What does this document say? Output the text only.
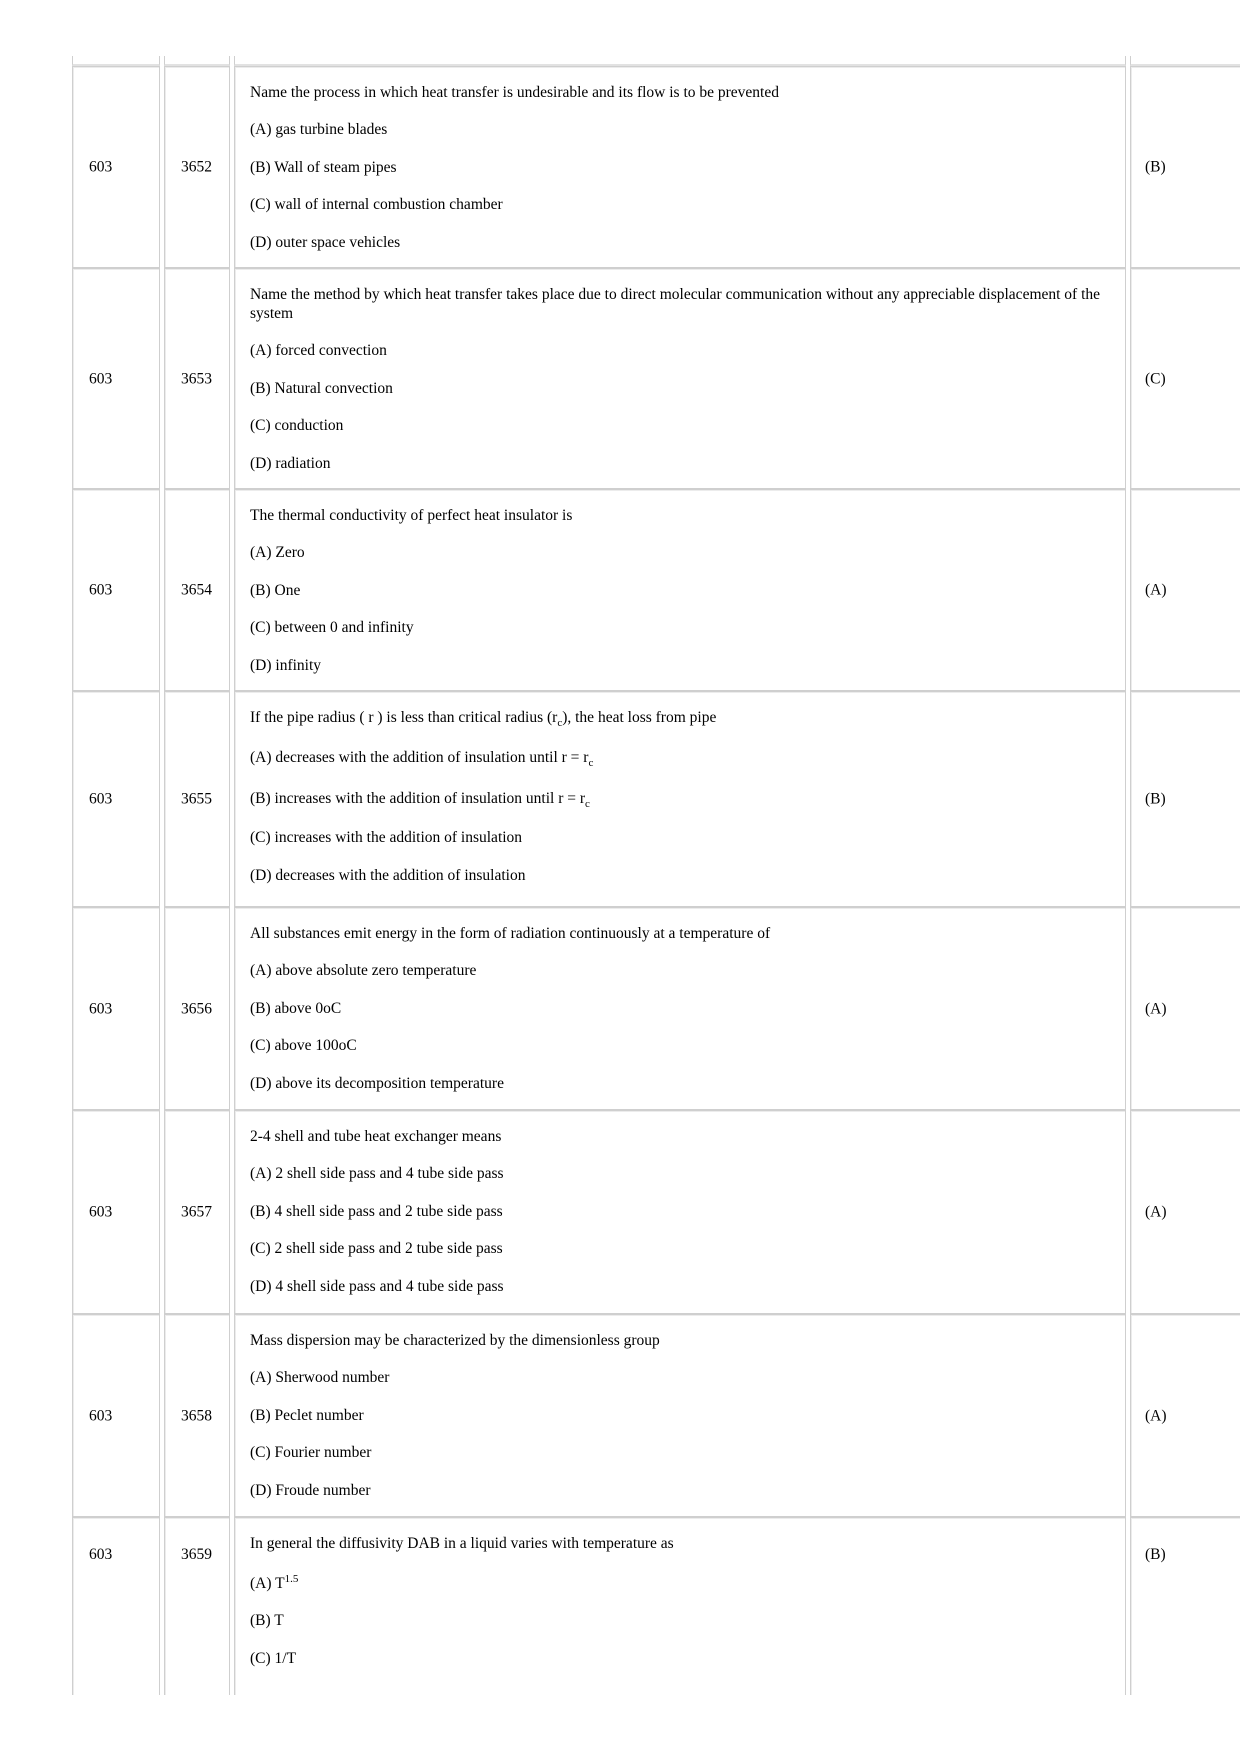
603	3652
Name the process in which heat transfer is undesirable and its flow is to be prevented
(A) gas turbine blades
(B) Wall of steam pipes
(C) wall of internal combustion chamber
(D) outer space vehicles
(B)
603	3653
Name the method by which heat transfer takes place due to direct molecular communication without any appreciable displacement of the system
(A) forced convection
(B) Natural convection
(C) conduction
(D) radiation
(C)
603	3654
The thermal conductivity of perfect heat insulator is
(A) Zero
(B) One
(C) between 0 and infinity
(D) infinity
(A)
603	3655
If the pipe radius ( r ) is less than critical radius $(r_c)$, the heat loss from pipe
(A) decreases with the addition of insulation until $r = r_c$
(B) increases with the addition of insulation until $r = r_c$
(C) increases with the addition of insulation
(D) decreases with the addition of insulation
(B)
603	3656
All substances emit energy in the form of radiation continuously at a temperature of
(A) above absolute zero temperature
(B) above 0oC
(C) above 100oC
(D) above its decomposition temperature
(A)
603	3657
2-4 shell and tube heat exchanger means
(A) 2 shell side pass and 4 tube side pass
(B) 4 shell side pass and 2 tube side pass
(C) 2 shell side pass and 2 tube side pass
(D) 4 shell side pass and 4 tube side pass
(A)
603	3658
Mass dispersion may be characterized by the dimensionless group
(A) Sherwood number
(B) Peclet number
(C) Fourier number
(D) Froude number
(A)
603	3659
In general the diffusivity DAB in a liquid varies with temperature as
(A) $T^{1.5}$
(B) T
(C) 1/T
(B)
